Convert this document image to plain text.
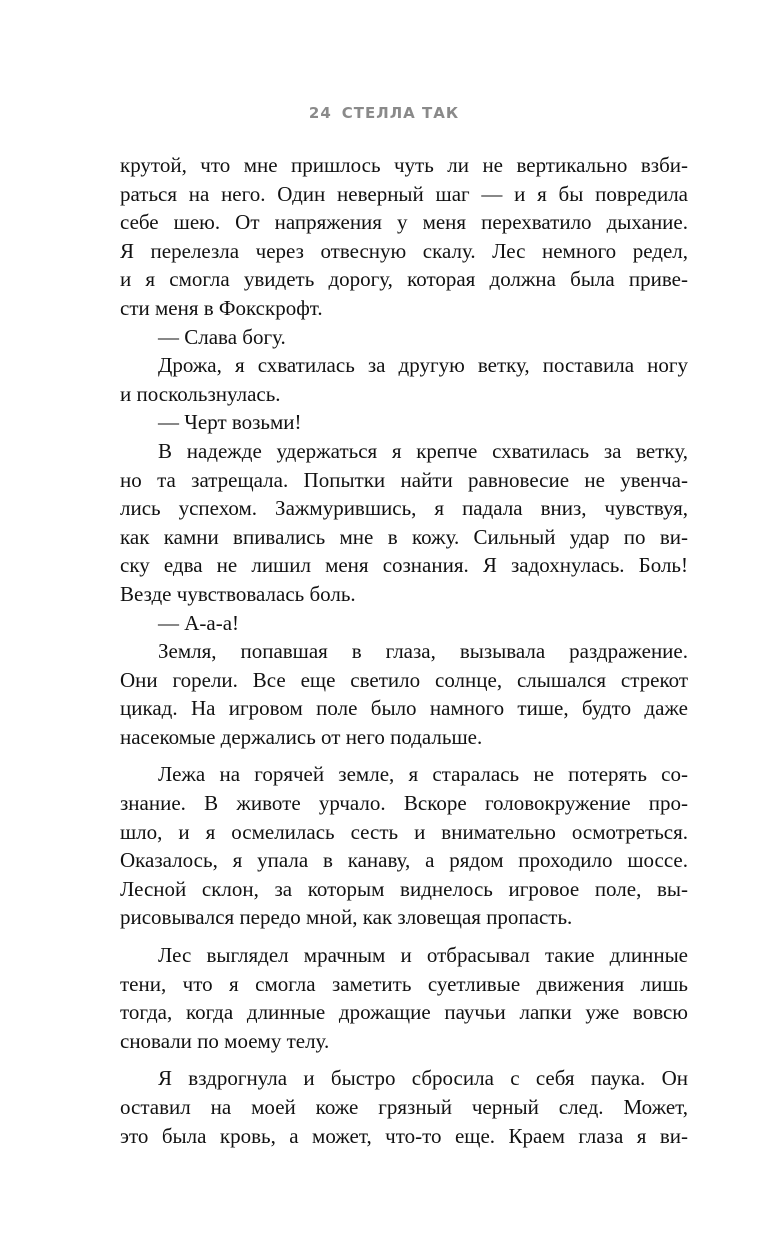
24 СТЕЛЛА ТАК

крутой, что мне пришлось чуть ли не вертикально взби-

раться на него. Один неверный шаг — и я бы повредила

себе шею. От напряжения у меня перехватило дыхание.

Я перелезла через отвесную скалу. Лес немного редел,

и я смогла увидеть дорогу, которая должна была приве-

сти меня в Фокскрофт.

— Слава богу.

Дрожа, я схватилась за другую ветку, поставила ногу

и поскользнулась.

— Черт возьми!

В надежде удержаться я крепче схватилась за ветку,

но та затрещала. Попытки найти равновесие не увенча-

лись успехом. Зажмурившись, я падала вниз, чувствуя,

как камни впивались мне в кожу. Сильный удар по ви-

ску едва не лишил меня сознания. Я задохнулась. Боль!

Везде чувствовалась боль.

— А-а-а!

Земля, попавшая в глаза, вызывала раздражение.

Они горели. Все еще светило солнце, слышался стрекот

цикад. На игровом поле было намного тише, будто даже

насекомые держались от него подальше.

Лежа на горячей земле, я старалась не потерять со-

знание. В животе урчало. Вскоре головокружение про-

шло, и я осмелилась сесть и внимательно осмотреться.

Оказалось, я упала в канаву, а рядом проходило шоссе.

Лесной склон, за которым виднелось игровое поле, вы-

рисовывался передо мной, как зловещая пропасть.

Лес выглядел мрачным и отбрасывал такие длинные

тени, что я смогла заметить суетливые движения лишь

тогда, когда длинные дрожащие паучьи лапки уже вовсю

сновали по моему телу.

Я вздрогнула и быстро сбросила с себя паука. Он

оставил на моей коже грязный черный след. Может,

это была кровь, а может, что-то еще. Краем глаза я ви-
